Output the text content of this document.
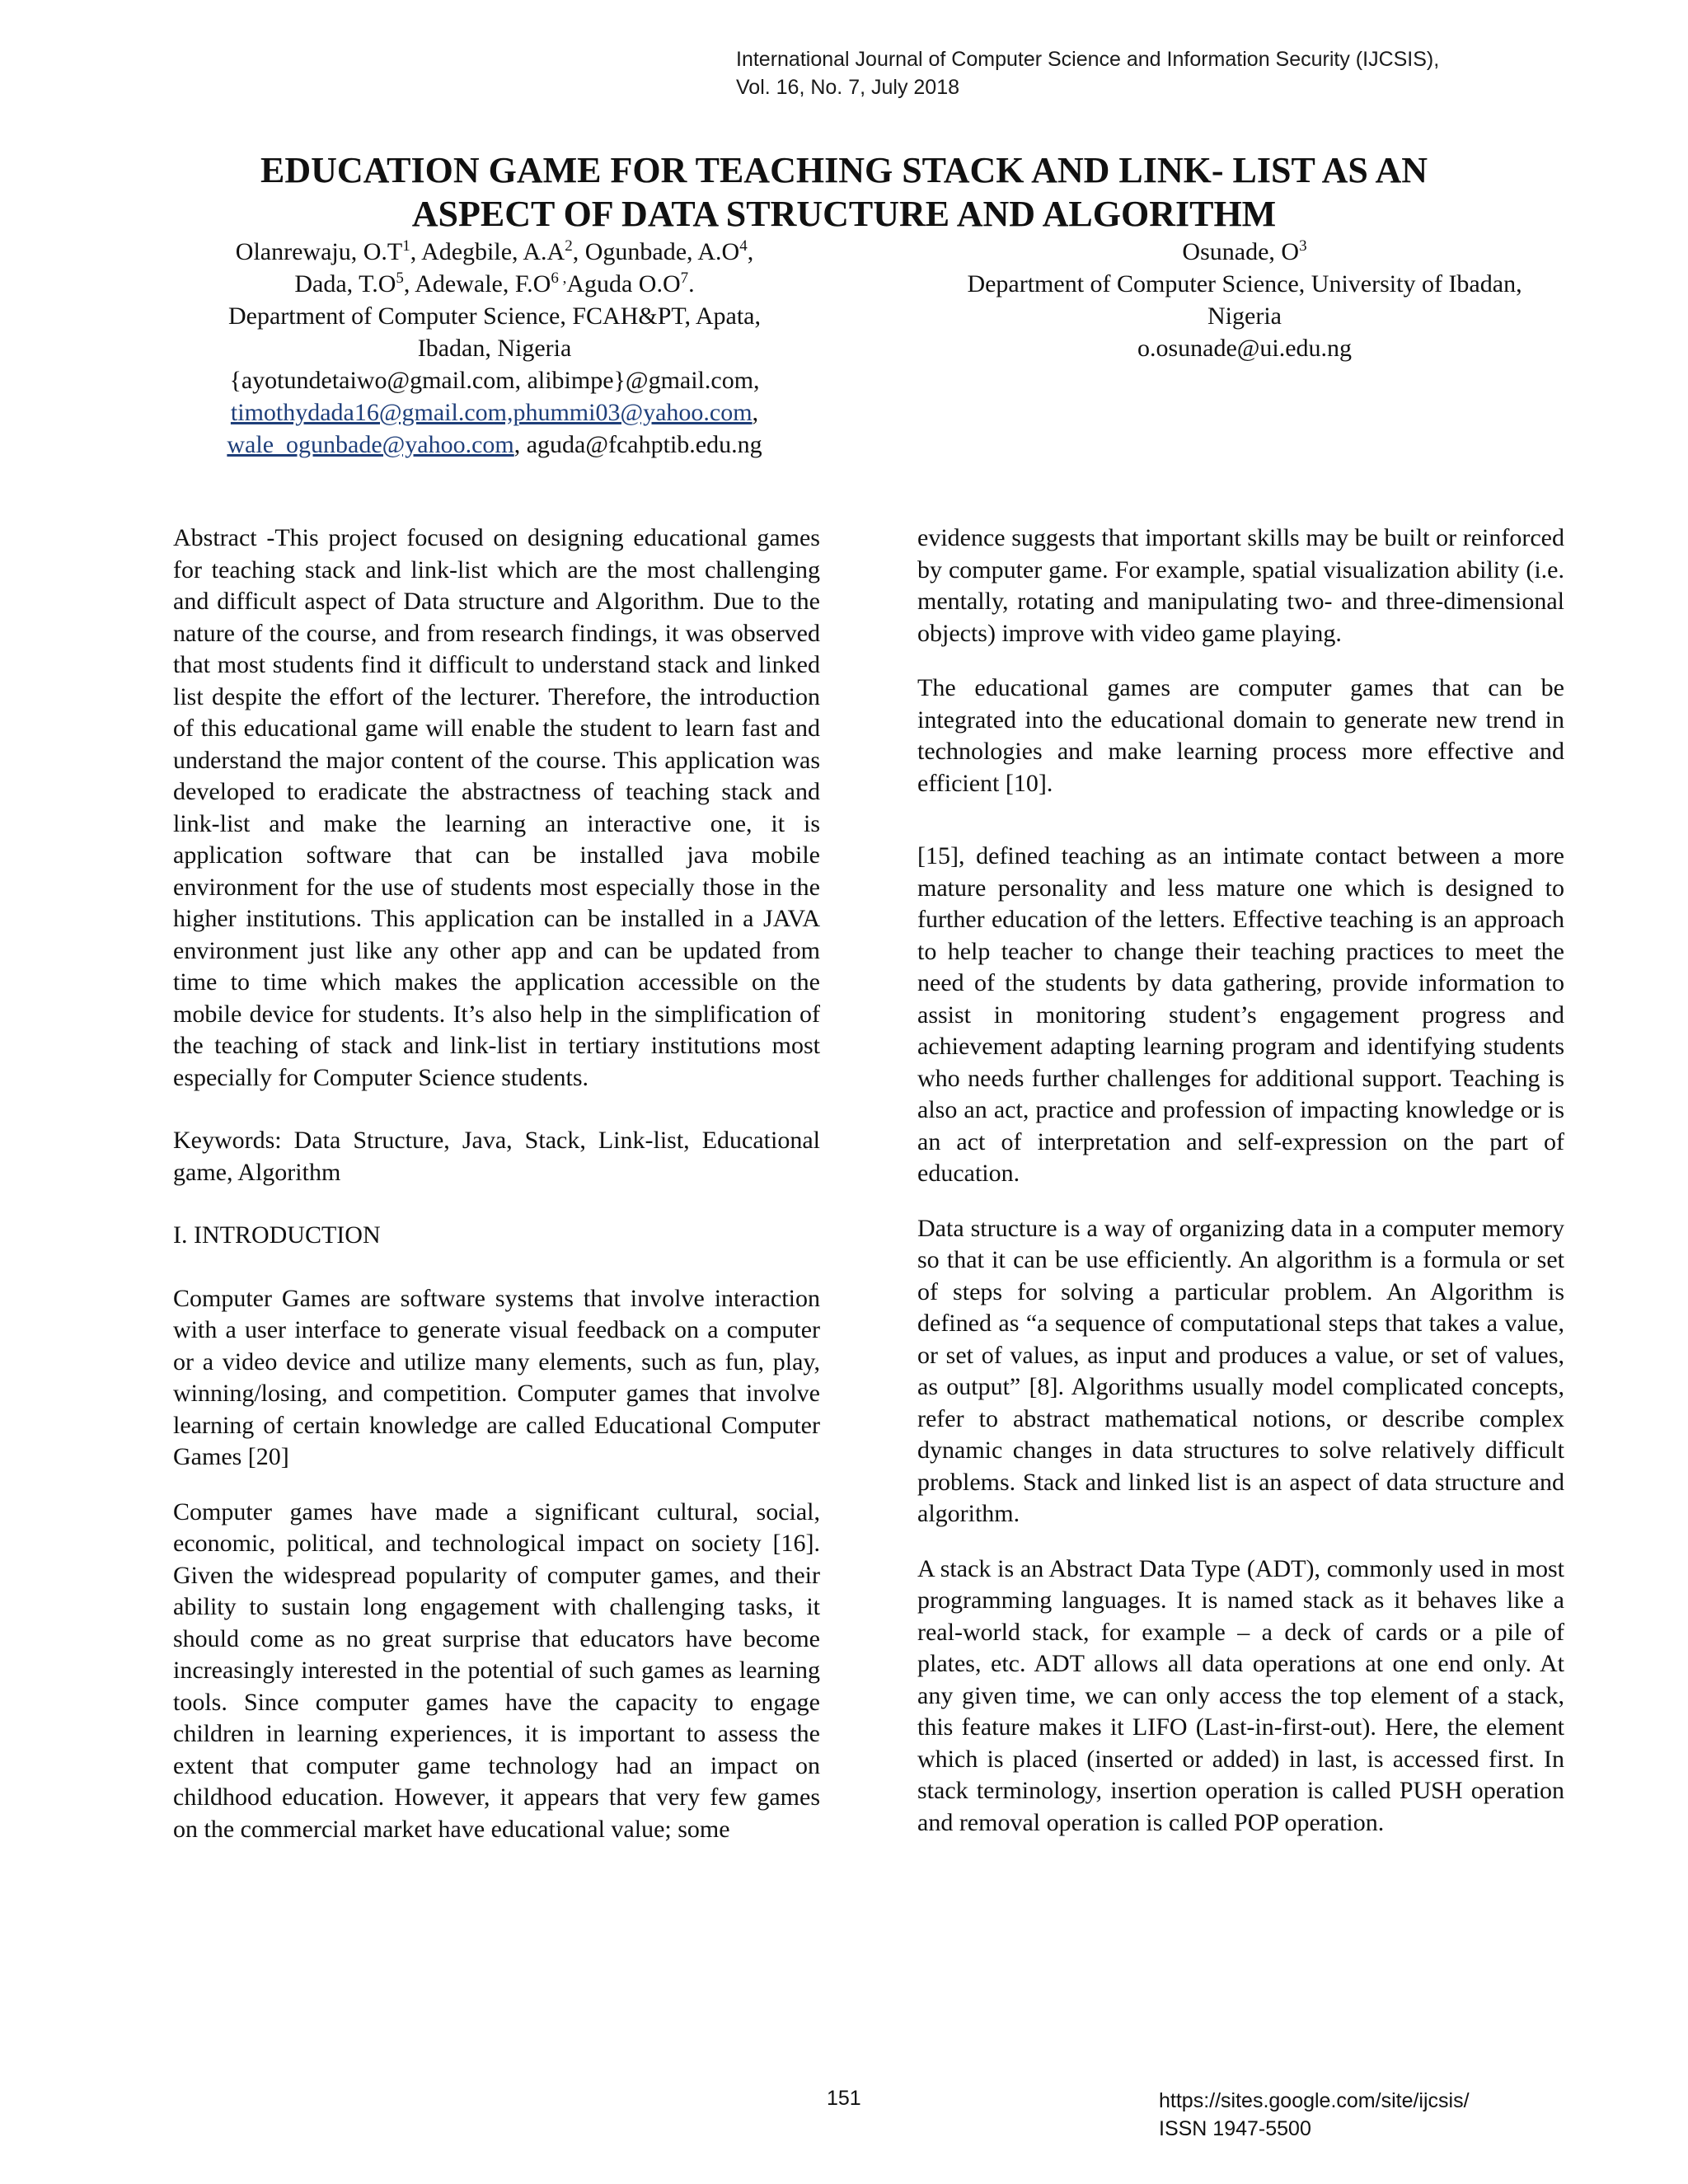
International Journal of Computer Science and Information Security (IJCSIS),
Vol. 16, No. 7, July 2018
EDUCATION GAME FOR TEACHING STACK AND LINK- LIST AS AN
ASPECT OF DATA STRUCTURE AND ALGORITHM
Olanrewaju, $O.T^1$, Adegbile, $A.A^2$, Ogunbade, $A.O^4$,
Dada, $T.O^5$, Adewale, $F.O^{6 ,}Aguda$ $O.O^7$.
Department of Computer Science, FCAH&PT, Apata,
Ibadan, Nigeria
{ayotundetaiwo@gmail.com, alibimpe}@gmail.com,
timothydada16@gmail.com,phummi03@yahoo.com,
wale_ogunbade@yahoo.com, aguda@fcahptib.edu.ng
Osunade, $O^3$
Department of Computer Science, University of Ibadan,
Nigeria
o.osunade@ui.edu.ng

Abstract -This project focused on designing educational games for teaching stack and link-list which are the most challenging and difficult aspect of Data structure and Algorithm. Due to the nature of the course, and from research findings, it was observed that most students find it difficult to understand stack and linked list despite the effort of the lecturer. Therefore, the introduction of this educational game will enable the student to learn fast and understand the major content of the course. This application was developed to eradicate the abstractness of teaching stack and link-list and make the learning an interactive one, it is application software that can be installed java mobile environment for the use of students most especially those in the higher institutions. This application can be installed in a JAVA environment just like any other app and can be updated from time to time which makes the application accessible on the mobile device for students. It’s also help in the simplification of the teaching of stack and link-list in tertiary institutions most especially for Computer Science students.

Keywords: Data Structure, Java, Stack, Link-list, Educational game, Algorithm

I. INTRODUCTION

Computer Games are software systems that involve interaction with a user interface to generate visual feedback on a computer or a video device and utilize many elements, such as fun, play, winning/losing, and competition. Computer games that involve learning of certain knowledge are called Educational Computer Games [20]

Computer games have made a significant cultural, social, economic, political, and technological impact on society [16]. Given the widespread popularity of computer games, and their ability to sustain long engagement with challenging tasks, it should come as no great surprise that educators have become increasingly interested in the potential of such games as learning tools. Since computer games have the capacity to engage children in learning experiences, it is important to assess the extent that computer game technology had an impact on childhood education. However, it appears that very few games on the commercial market have educational value; some

evidence suggests that important skills may be built or reinforced by computer game. For example, spatial visualization ability (i.e. mentally, rotating and manipulating two- and three-dimensional objects) improve with video game playing.

The educational games are computer games that can be integrated into the educational domain to generate new trend in technologies and make learning process more effective and efficient [10].

[15], defined teaching as an intimate contact between a more mature personality and less mature one which is designed to further education of the letters. Effective teaching is an approach to help teacher to change their teaching practices to meet the need of the students by data gathering, provide information to assist in monitoring student’s engagement progress and achievement adapting learning program and identifying students who needs further challenges for additional support. Teaching is also an act, practice and profession of impacting knowledge or is an act of interpretation and self-expression on the part of education.

Data structure is a way of organizing data in a computer memory so that it can be use efficiently. An algorithm is a formula or set of steps for solving a particular problem. An Algorithm is defined as “a sequence of computational steps that takes a value, or set of values, as input and produces a value, or set of values, as output” [8]. Algorithms usually model complicated concepts, refer to abstract mathematical notions, or describe complex dynamic changes in data structures to solve relatively difficult problems. Stack and linked list is an aspect of data structure and algorithm.

A stack is an Abstract Data Type (ADT), commonly used in most programming languages. It is named stack as it behaves like a real-world stack, for example – a deck of cards or a pile of plates, etc. ADT allows all data operations at one end only. At any given time, we can only access the top element of a stack, this feature makes it LIFO (Last-in-first-out). Here, the element which is placed (inserted or added) in last, is accessed first. In stack terminology, insertion operation is called PUSH operation and removal operation is called POP operation.

151	https://sites.google.com/site/ijcsis/
ISSN 1947-5500
